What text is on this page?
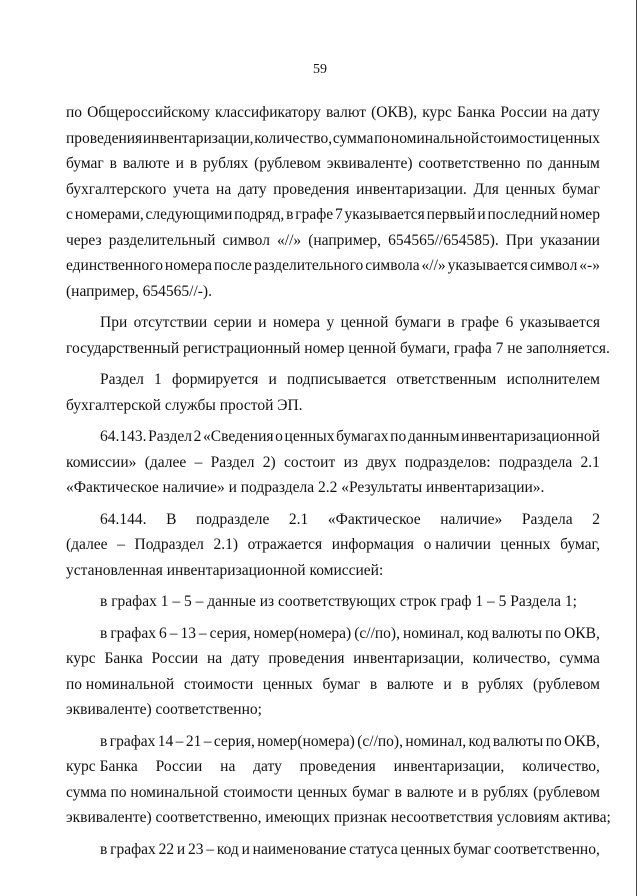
59
по Общероссийскому классификатору валют (ОКВ), курс Банка России на дату
проведения инвентаризации, количество, сумма по номинальной стоимости ценных
бумаг в валюте и в рублях (рублевом эквиваленте) соответственно по данным
бухгалтерского учета на дату проведения инвентаризации. Для ценных бумаг
с номерами, следующими подряд, в графе 7 указывается первый и последний номер
через разделительный символ «//» (например, 654565//654585). При указании
единственного номера после разделительного символа «//» указывается символ «-»
(например, 654565//-).
При отсутствии серии и номера у ценной бумаги в графе 6 указывается
государственный регистрационный номер ценной бумаги, графа 7 не заполняется.
Раздел 1 формируется и подписывается ответственным исполнителем
бухгалтерской службы простой ЭП.
64.143. Раздел 2 «Сведения о ценных бумагах по данным инвентаризационной
комиссии» (далее – Раздел 2) состоит из двух подразделов: подраздела 2.1
«Фактическое наличие» и подраздела 2.2 «Результаты инвентаризации».
64.144. В подразделе 2.1 «Фактическое наличие» Раздела 2
(далее – Подраздел 2.1) отражается информация о наличии ценных бумаг,
установленная инвентаризационной комиссией:
в графах 1 – 5 – данные из соответствующих строк граф 1 – 5 Раздела 1;
в графах 6 – 13 – серия, номер(номера) (с//по), номинал, код валюты по ОКВ,
курс Банка России на дату проведения инвентаризации, количество, сумма
по номинальной стоимости ценных бумаг в валюте и в рублях (рублевом
эквиваленте) соответственно;
в графах 14 – 21 – серия, номер(номера) (с//по), номинал, код валюты по ОКВ,
курс Банка России на дату проведения инвентаризации, количество,
сумма по номинальной стоимости ценных бумаг в валюте и в рублях (рублевом
эквиваленте) соответственно, имеющих признак несоответствия условиям актива;
в графах 22 и 23 – код и наименование статуса ценных бумаг соответственно,
